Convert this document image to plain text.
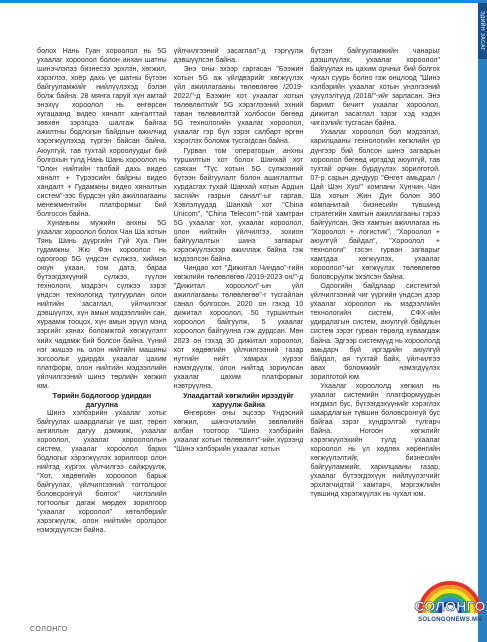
ЭДИЙН ЗАСАГ

болох Нань Гуан хороолол нь 5G ухаалаг хороолол болон анхан шатны шинэчлэлээ бизнесээ эрхлэн, хөгжил, хэрэглээ, хоёр дахь үе шатны бүтээн байгууламжийг нийлүүлэхэд бэлэн болж байна. 28 мянга гаруй хүн амтай энэхүү хороолол нь өнгөрсөн хугацаанд видео хяналт хангалттай зөвхөн зэрэгцээ шалгаж байгаа ажилтны бодлогын байдлын ажилчид хэрэгжүүлэхэд түргэн байсан байна. Аюулгүй, тав тухтай хороолуудыг бий болгохын тулд Нань Шань хороолол нь "Олон нийтийн талбай дахь видео хяналт + Түрээсийн байрны видео хандалт + Гудамжны видео хяналтын систем"-ээс бүрдсэн үйл ажиллагааны менежментийн платформыг бий болгосон байна.

Хунаньны мужийн анхны 5G ухаалаг хороолол болох Чан Ша хотын Тянь Шинь дүүргийн Гүй Хуа Пин гудамжны Жю Фэн хороолол нь одоогоор 5G үндсэн сүлжээ, хиймэл оюун ухаан, том дата, бараа бүтээгдэхүүний сүлжээ, гүүлэн технологи, мэдрэгч сүлжээ зэрэг үндсэн технологид тулгуурлан олон нийтийн засаглал, үйлчилгээг дэвшүүлэх, хүн амын мэдээллийн сан, хураамж тооцох, хүн амын эрүүл мэнд зэргийг хянах боломжтой хөгжүүлэлт хийх чадамж бий болсон байна. Үүний нэг жишээ нь олон нийтийн машины зогсоолыг удирдах ухаалаг цахим платформ, олон нийтийн мэдээллийн үйлчилгээний шинэ төрлийн хөгжил юм.

Төрийн бодлогоор удирдан дагуулна

Шинэ хэлбэрийн ухаалаг хотыг байгуулах шаардлагыг үе шат, төрөл ангиллын дагуу дэмжиж, ухаалаг хороолол, ухаалаг хороололлын систем, ухаалаг хороолол барих бодлогыг хэрэгжүүлэх зорилгоор олон нийтэд хүргэх үйлчилгээ сайжруулж, "Хот, хөдөөгийн хороолол барьж байгуулах, үйлчилгээний тогтолцоог боловсронгуй болгох" чиглэлийн тогтоолыг дагаж мөрдөх зорилгоор "ухаалаг хороолол" хөтөлбөрийг хэрэгжүүлж, олон нийтийн оролцоог нэмэгдүүлсэн байна.

үйлчилгээний засаглал"-д тэргүүлж дэвшүүлсэн байна.

Энэ оны эхээр гаргасан "Бээжин хотын 5G аж үйлдвэрийг хөгжүүлэх үйл ажиллагааны төлөвлөгөө /2019-2022/"-д Бээжин хот ухаалаг хотын төлөвлөлтийг 5G хэрэглээний эхний таван төлөвлөлтэй холбосон бөгөөд 5G технологийн ухаалаг хороолол, ухаалаг гэр бүл зэрэг салбарт өргөн хэрэглэх боломж тусгагдсан байна.

Гурван том операторын анхны туршилтын хот болох Шанхай хот саяхан "Түс хотын 5G сүлжээний бүтээн байгуулалт болон ашиглалтыг хурдасгах тухай Шанхай хотын Ардын засгийн газрын санал"-ыг гаргав. Хэвлэлүүдэд Шанхай хот "China Unicom", "China Telecom"-той хамтран 5G ухаалаг хот, ухаалаг хороолол, олон нийтийн үйлчилгээ, зохион байгуулалтын шинэ загварыг хэрэгжүүлэхээр ажиллаж байна гэж мэдээлсэн байна.

Чиндао хот "Дижитал Чиндао"-гийн хөгжлийн төлөвлөгөө /2019-2023 он/"-д "Дижитал хороолол"-ын үйл ажиллагааны төлөвлөгөө"-г тусгайлан санал болгосон. 2020 он гэхэд 10 дижитал хороолол, 50 туршилтын хороолол байгуулж, 5 ухаалаг хороолол байгуулна гэж дурдсан. Мөн 2023 он гэхэд 30 дижитал хороолол, хот хөдөөгийн үйлчилгээний газар нутгийн нийт хамрах хүрээг нэмэгдүүлж, олон нийтэд зориулсан ухаалаг цахим платформыг нэвтрүүлнэ.

Улаадагтай хөгжлийн ирээдүйг харуулж байна

Өнгөрсөн оны эцсээр Үндэсний хөгжил, шинэчлэлийн зөвлөлийн албан тоотоор "Шинэ хэлбэрийн ухаалаг хотын төлөвлөлт"-ийн хүрээнд "Шинэ хэлбэрийн ухаалаг хотын

бүтээн байгууламжийн чанарыг дээшлүүлэх, ухаалаг хороолол" байгуулах нь цахим орчныг бий болгох чухал суурь болно гэж онцлоод "Шинэ хэлбэрийн ухаалаг хотын үнэлгээний үзүүлэлтүүд /2018/"-ийг зарласан. Энэ баримт бичигт ухаалаг хороолол, дижитал засаглал зэрэг хэд хэдэн чиглэлийг тусгасан байна.

Ухаалаг хороолол бол мэдээлэл, харилцааны технологийн хөгжлийн үр дүнгээр бий болсон шинэ загварын хороолол бөгөөд иргэдэд аюулгүй, тав тухтай орчин бүрдүүлэх зорилготой. 07-р сарын дундуур "Өнгөт амьдрал /Цай Шэн Хуо/" компани Хүнчин Чан Ша хотын Жин Дун болон 360 компанитай бизнесийн түвшинд стратегийн хамтын ажиллагааны гэрээ байгуулсан. Энэ хамтын ажиллагаа нь "Хороолол + логистик", "Хороолол + аюулгүй байдал", "Хороолол + технологи" гэсэн гурван загварыг хамтдаа хөгжүүлэх, ухаалаг хороолол"-ыг хөгжүүлэх төлөвлөгөө боловсруулж эхэлсэн байна.

Одоогийн байдлаар системтэй үйлчилгээний чиг үүргийн үндсэн дээр ухаалаг хороолол нь мэдээллийн технологийн систем, СФХ-ийн удирдлагын систем, аюулгүй байдлын систем зэрэг гурван төрөлд хуваагдаж байна. Эдгээр системүүд нь хороололд амьдарч буй иргэдийн аюулгүй байдал, ая тухтай байх, үйлчилгээ авах боломжийг нэмэгдүүлэх зорилготой юм.

Ухаалаг хороололд хөгжил нь ухаалаг системийн платформуудын нэгдмэл бус, бүтээгдэхүүнийг хэрэглэх шаардлагын түвшин боловсронгуй бус байгаа зэрэг хүндрэлтэй тулгарч байна. Ногоон хөгжлийг хэрэгжүүлэхийн тулд ухаалаг хороолол нь үл хөдлөх хөрөнгийн хөгжүүлэлтийг, бизнесийн байгууламжийг, харилцааны газар, ухаалаг бүтээгдэхүүн нийлүүлэгчийг эрхлэгчидтэй хамтарч, мэргэжлийн түвшинд хэрэгжүүлэх нь чухал юм.

СОЛОНГО
SOLONGONEWS.MN
СОЛОНГО
